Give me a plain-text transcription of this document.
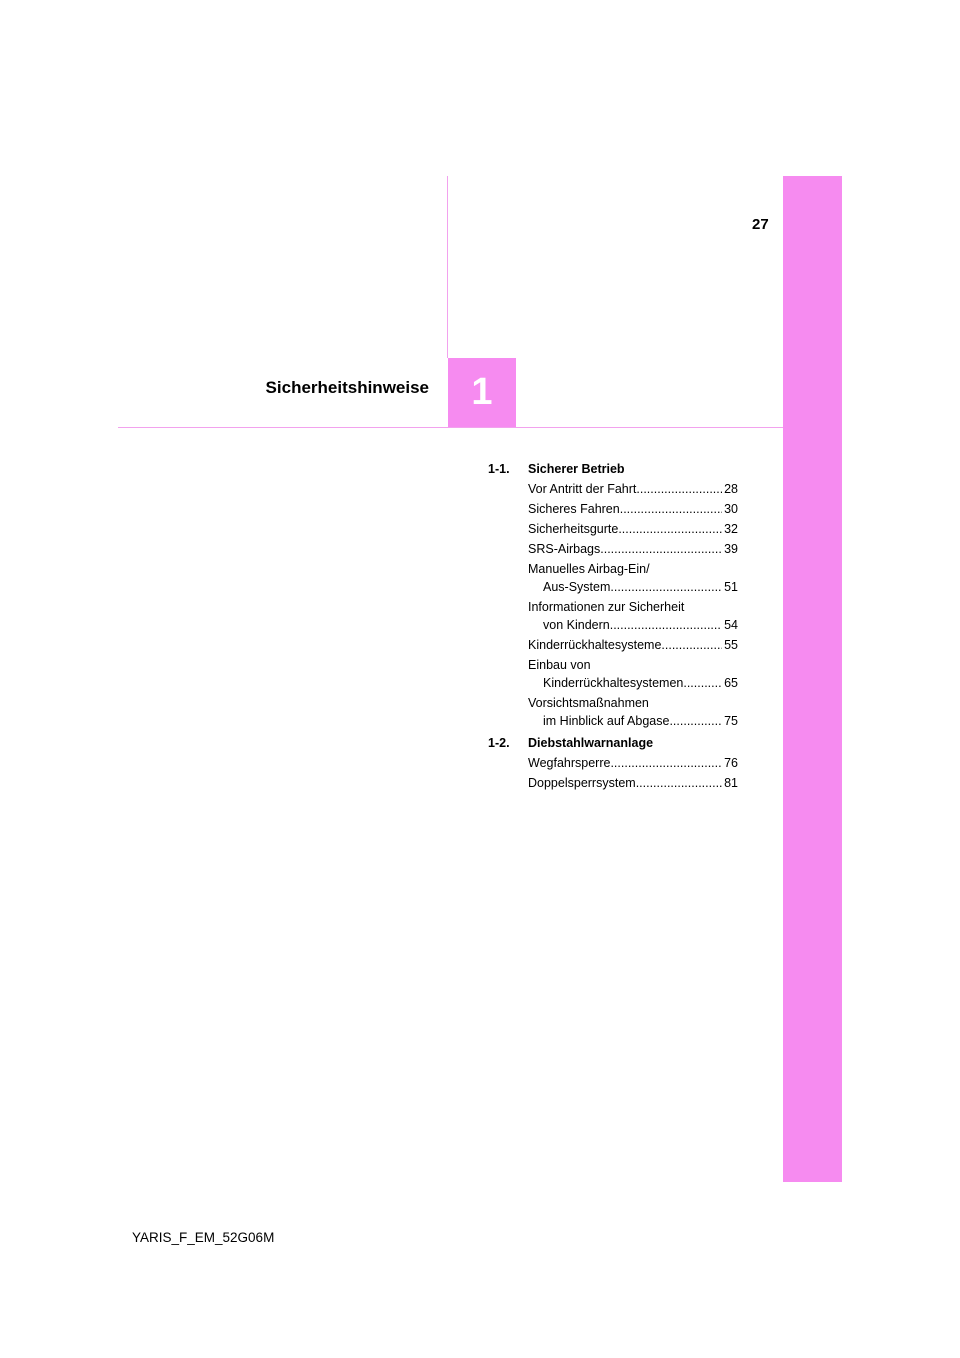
27
Sicherheitshinweise 1
1-1.	Sicherer Betrieb
Vor Antritt der Fahrt .....	28
Sicheres Fahren .....	30
Sicherheitsgurte .....	32
SRS-Airbags .....	39
Manuelles Airbag-Ein/
Aus-System .....	51
Informationen zur Sicherheit
von Kindern .....	54
Kinderrückhaltesysteme .....	55
Einbau von
Kinderrückhaltesystemen .....	65
Vorsichtsmaßnahmen
im Hinblick auf Abgase .....	75
1-2.	Diebstahlwarnanlage
Wegfahrsperre .....	76
Doppelsperrsystem .....	81
YARIS_F_EM_52G06M
